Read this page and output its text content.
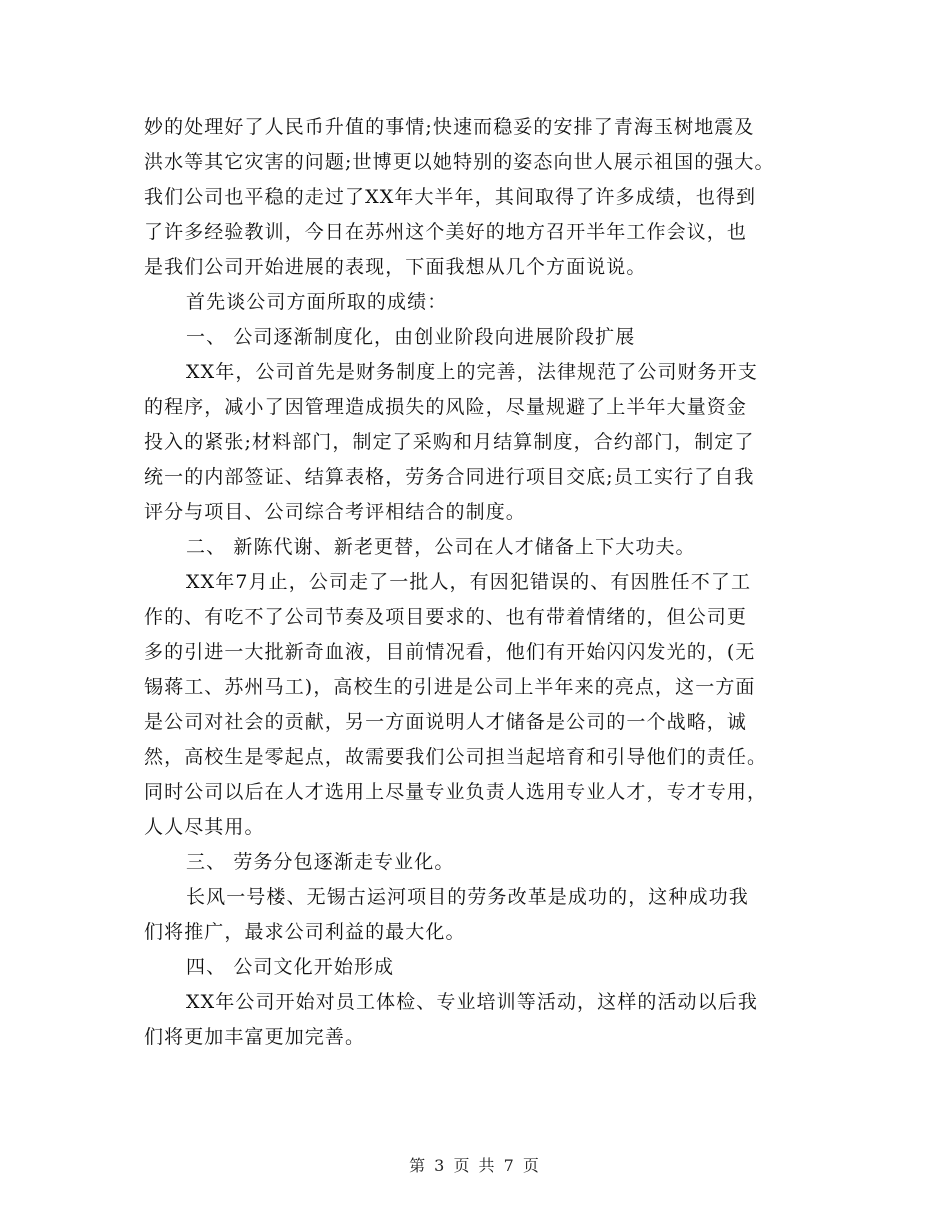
妙的处理好了人民币升值的事情;快速而稳妥的安排了青海玉树地震及
洪水等其它灾害的问题;世博更以她特别的姿态向世人展示祖国的强大。
我们公司也平稳的走过了XX年大半年，其间取得了许多成绩，也得到
了许多经验教训，今日在苏州这个美好的地方召开半年工作会议，也
是我们公司开始进展的表现，下面我想从几个方面说说。
首先谈公司方面所取的成绩：
一、 公司逐渐制度化，由创业阶段向进展阶段扩展
XX年，公司首先是财务制度上的完善，法律规范了公司财务开支
的程序，减小了因管理造成损失的风险，尽量规避了上半年大量资金
投入的紧张;材料部门，制定了采购和月结算制度，合约部门，制定了
统一的内部签证、结算表格，劳务合同进行项目交底;员工实行了自我
评分与项目、公司综合考评相结合的制度。
二、 新陈代谢、新老更替，公司在人才储备上下大功夫。
XX年7月止，公司走了一批人，有因犯错误的、有因胜任不了工
作的、有吃不了公司节奏及项目要求的、也有带着情绪的，但公司更
多的引进一大批新奇血液，目前情况看，他们有开始闪闪发光的，(无
锡蒋工、苏州马工)，高校生的引进是公司上半年来的亮点，这一方面
是公司对社会的贡献，另一方面说明人才储备是公司的一个战略，诚
然，高校生是零起点，故需要我们公司担当起培育和引导他们的责任。
同时公司以后在人才选用上尽量专业负责人选用专业人才，专才专用，
人人尽其用。
三、 劳务分包逐渐走专业化。
长风一号楼、无锡古运河项目的劳务改革是成功的，这种成功我
们将推广，最求公司利益的最大化。
四、 公司文化开始形成
XX年公司开始对员工体检、专业培训等活动，这样的活动以后我
们将更加丰富更加完善。
第 3 页 共 7 页
